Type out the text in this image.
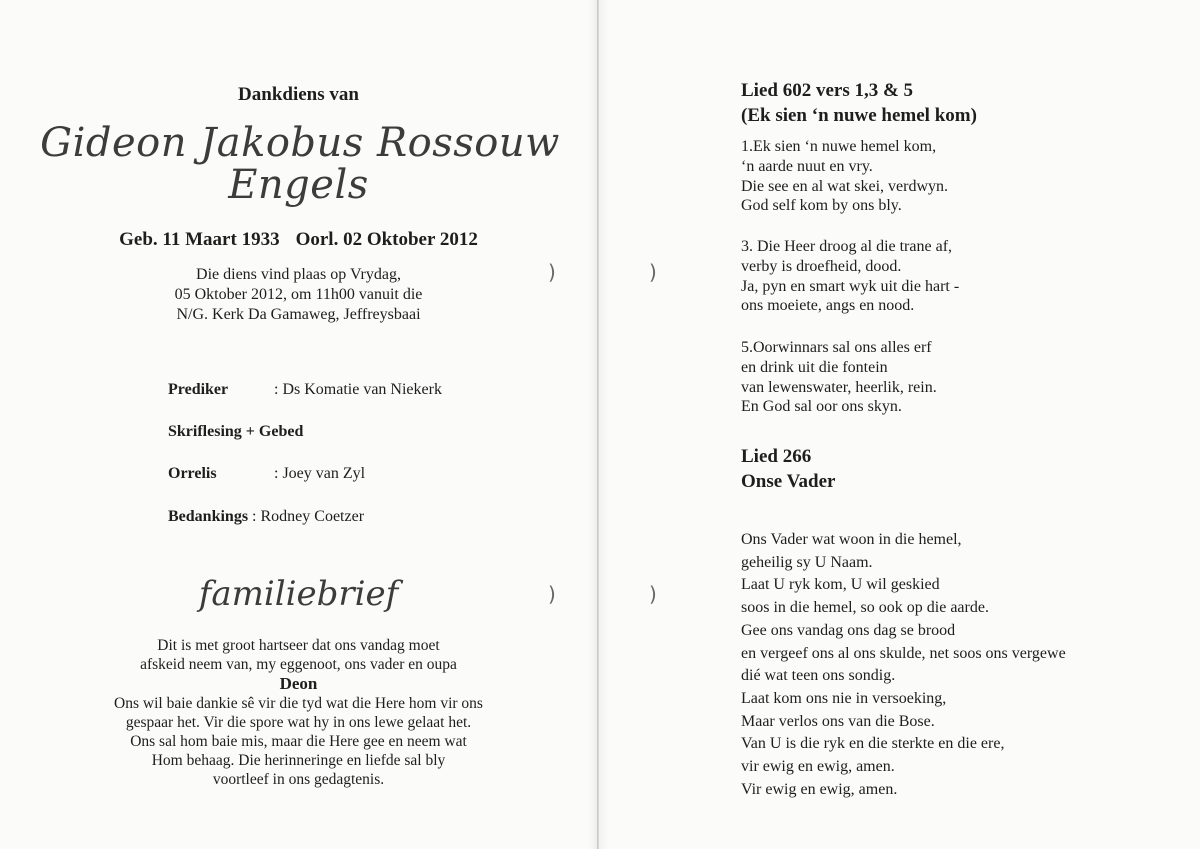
Dankdiens van
Gideon Jakobus Rossouw
Engels
Geb. 11 Maart 1933 Oorl. 02 Oktober 2012
Die diens vind plaas op Vrydag,
05 Oktober 2012, om 11h00 vanuit die
N/G. Kerk Da Gamaweg, Jeffreysbaai
Prediker	: Ds Komatie van Niekerk
Skriflesing + Gebed
Orrelis	: Joey van Zyl
Bedankings : Rodney Coetzer
familiebrief
Dit is met groot hartseer dat ons vandag moet
afskeid neem van, my eggenoot, ons vader en oupa
Deon
Ons wil baie dankie sê vir die tyd wat die Here hom vir ons
gespaar het. Vir die spore wat hy in ons lewe gelaat het.
Ons sal hom baie mis, maar die Here gee en neem wat
Hom behaag. Die herinneringe en liefde sal bly
voortleef in ons gedagtenis.
)
)
Lied 602 vers 1,3 & 5
(Ek sien ‘n nuwe hemel kom)
1.Ek sien ‘n nuwe hemel kom,
‘n aarde nuut en vry.
Die see en al wat skei, verdwyn.
God self kom by ons bly.
3. Die Heer droog al die trane af,
verby is droefheid, dood.
Ja, pyn en smart wyk uit die hart -
ons moeiete, angs en nood.
5.Oorwinnars sal ons alles erf
en drink uit die fontein
van lewenswater, heerlik, rein.
En God sal oor ons skyn.
Lied 266
Onse Vader
Ons Vader wat woon in die hemel,
geheilig sy U Naam.
Laat U ryk kom, U wil geskied
soos in die hemel, so ook op die aarde.
Gee ons vandag ons dag se brood
en vergeef ons al ons skulde, net soos ons vergewe
dié wat teen ons sondig.
Laat kom ons nie in versoeking,
Maar verlos ons van die Bose.
Van U is die ryk en die sterkte en die ere,
vir ewig en ewig, amen.
Vir ewig en ewig, amen.
)
)
